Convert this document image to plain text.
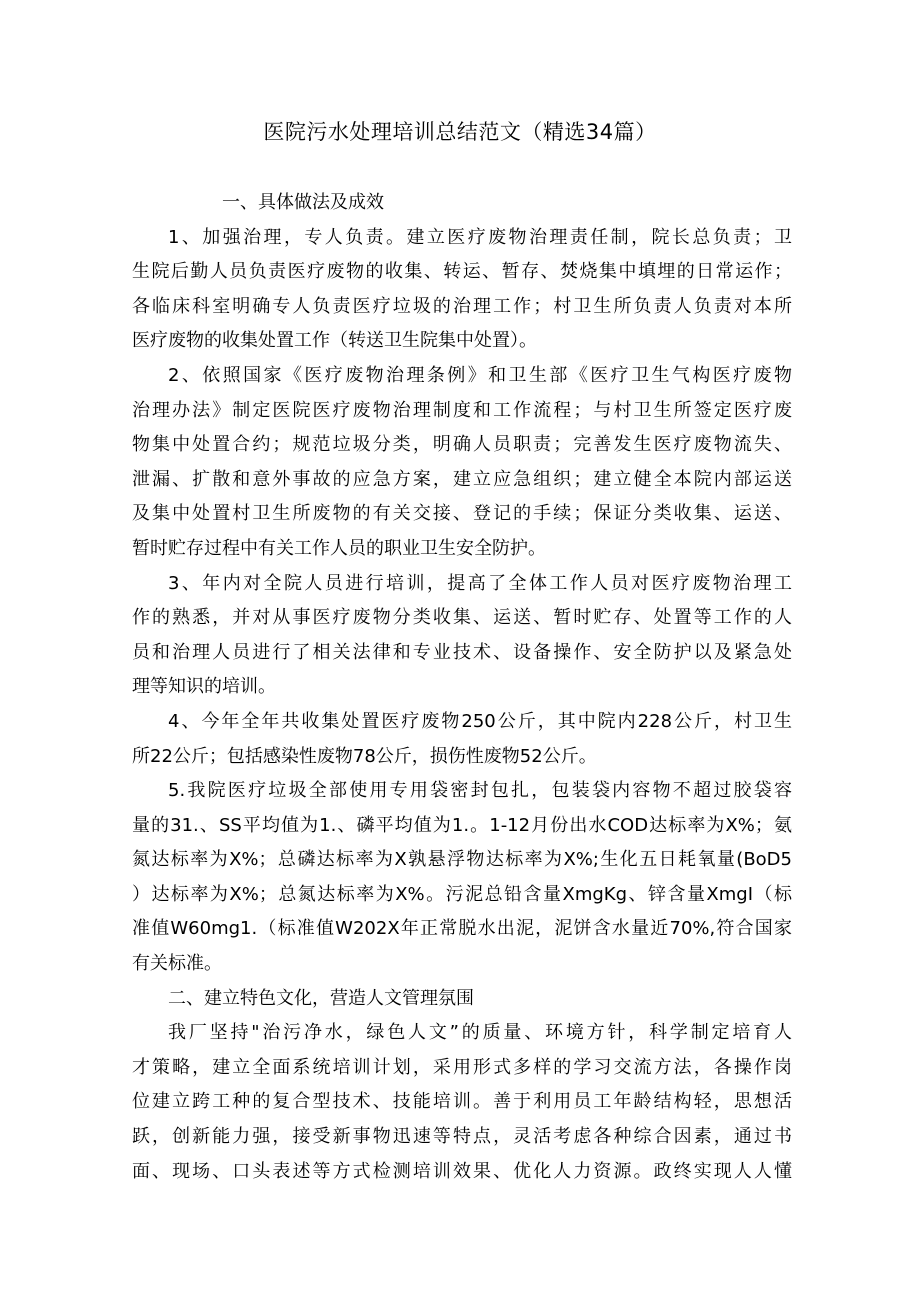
医院污水处理培训总结范文（精选34篇）
一、具体做法及成效
1、加强治理，专人负责。建立医疗废物治理责任制，院长总负责；卫
生院后勤人员负责医疗废物的收集、转运、暂存、焚烧集中填埋的日常运作；
各临床科室明确专人负责医疗垃圾的治理工作；村卫生所负责人负责对本所
医疗废物的收集处置工作（转送卫生院集中处置）。
2、依照国家《医疗废物治理条例》和卫生部《医疗卫生气构医疗废物
治理办法》制定医院医疗废物治理制度和工作流程；与村卫生所签定医疗废
物集中处置合约；规范垃圾分类，明确人员职责；完善发生医疗废物流失、
泄漏、扩散和意外事故的应急方案，建立应急组织；建立健全本院内部运送
及集中处置村卫生所废物的有关交接、登记的手续；保证分类收集、运送、
暂时贮存过程中有关工作人员的职业卫生安全防护。
3、年内对全院人员进行培训，提高了全体工作人员对医疗废物治理工
作的熟悉，并对从事医疗废物分类收集、运送、暂时贮存、处置等工作的人
员和治理人员进行了相关法律和专业技术、设备操作、安全防护以及紧急处
理等知识的培训。
4、今年全年共收集处置医疗废物250公斤，其中院内228公斤，村卫生
所22公斤；包括感染性废物78公斤，损伤性废物52公斤。
5.我院医疗垃圾全部使用专用袋密封包扎，包装袋内容物不超过胶袋容
量的31.、SS平均值为1.、磷平均值为1.。1-12月份出水COD达标率为X%；氨
氮达标率为X%；总磷达标率为X孰悬浮物达标率为X%;生化五日耗氧量(BoD5
）达标率为X%；总氮达标率为X%。污泥总铅含量XmgKg、锌含量XmgI（标
准值W60mg1.（标准值W202X年正常脱水出泥，泥饼含水量近70%,符合国家
有关标准。
二、建立特色文化，营造人文管理氛围
我厂坚持"治污净水，绿色人文”的质量、环境方针，科学制定培育人
才策略，建立全面系统培训计划，采用形式多样的学习交流方法，各操作岗
位建立跨工种的复合型技术、技能培训。善于利用员工年龄结构轻，思想活
跃，创新能力强，接受新事物迅速等特点，灵活考虑各种综合因素，通过书
面、现场、口头表述等方式检测培训效果、优化人力资源。政终实现人人懂
